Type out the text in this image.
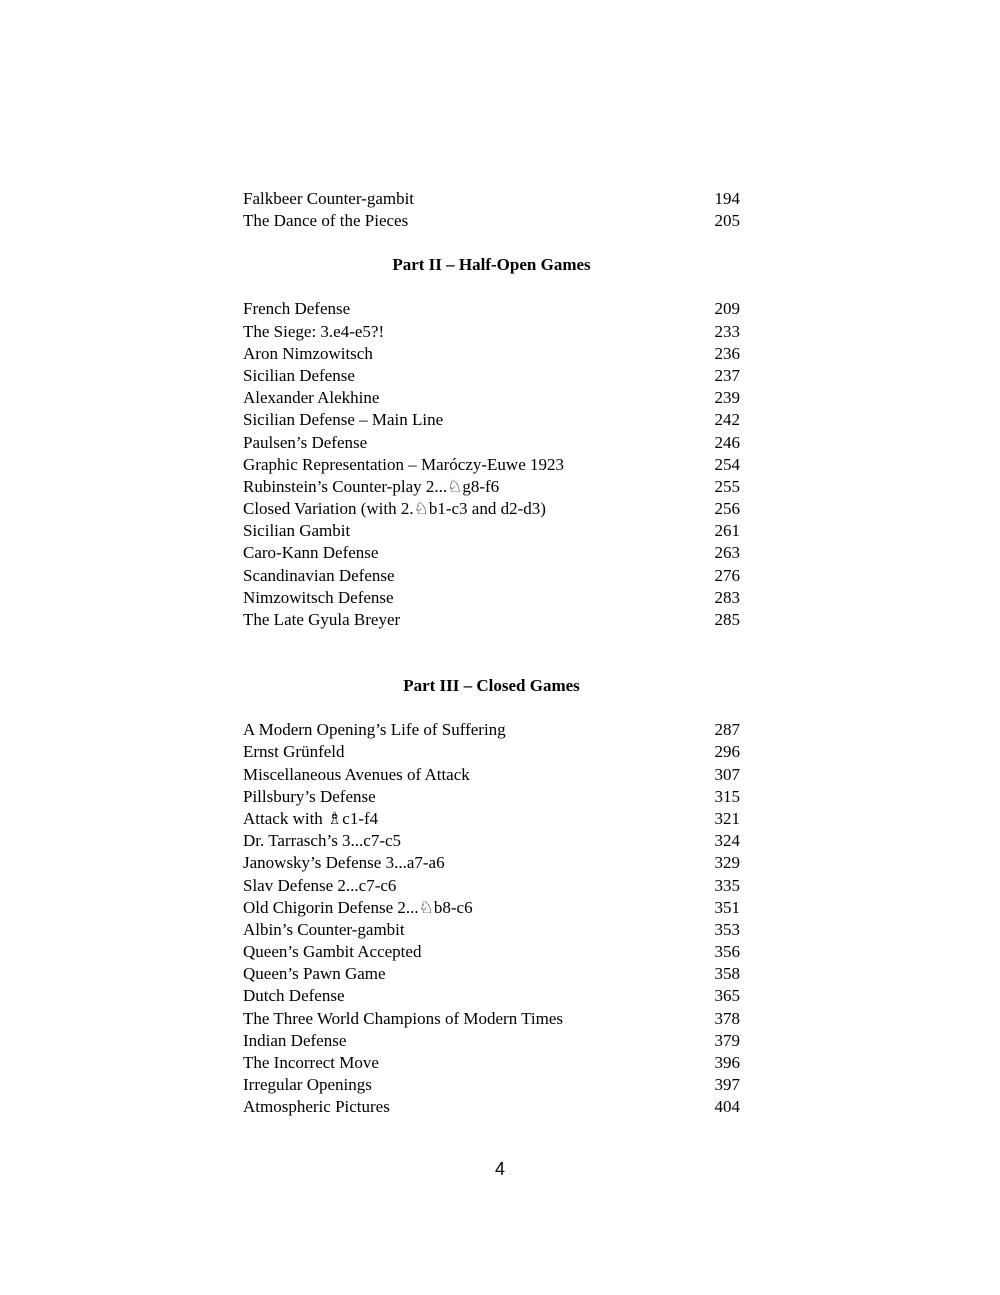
Falkbeer Counter-gambit	194
The Dance of the Pieces	205
Part II – Half-Open Games
French Defense	209
The Siege: 3.e4-e5?!	233
Aron Nimzowitsch	236
Sicilian Defense	237
Alexander Alekhine	239
Sicilian Defense – Main Line	242
Paulsen’s Defense	246
Graphic Representation – Maróczy-Euwe 1923	254
Rubinstein’s Counter-play 2...♘g8-f6	255
Closed Variation (with 2.♘b1-c3 and d2-d3)	256
Sicilian Gambit	261
Caro-Kann Defense	263
Scandinavian Defense	276
Nimzowitsch Defense	283
The Late Gyula Breyer	285
Part III – Closed Games
A Modern Opening’s Life of Suffering	287
Ernst Grünfeld	296
Miscellaneous Avenues of Attack	307
Pillsbury’s Defense	315
Attack with ♗c1-f4	321
Dr. Tarrasch’s 3...c7-c5	324
Janowsky’s Defense 3...a7-a6	329
Slav Defense 2...c7-c6	335
Old Chigorin Defense 2...♘b8-c6	351
Albin’s Counter-gambit	353
Queen’s Gambit Accepted	356
Queen’s Pawn Game	358
Dutch Defense	365
The Three World Champions of Modern Times	378
Indian Defense	379
The Incorrect Move	396
Irregular Openings	397
Atmospheric Pictures	404
4
